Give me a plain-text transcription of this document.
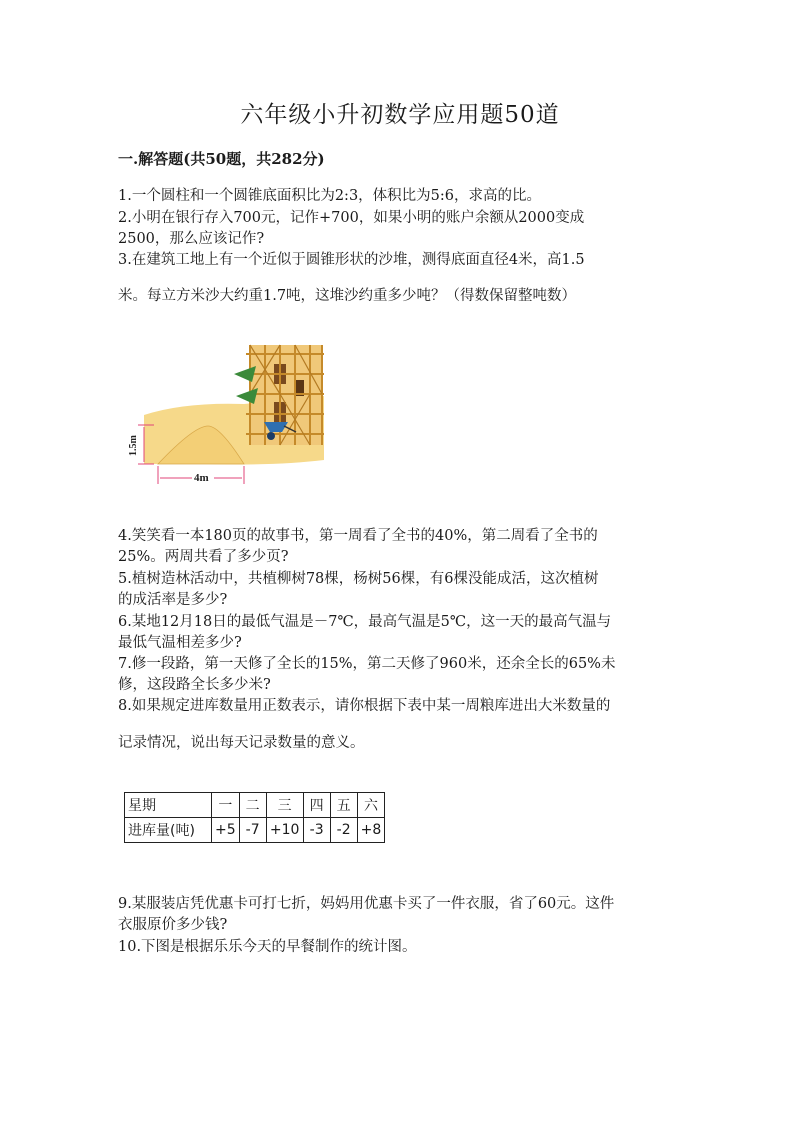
六年级小升初数学应用题50道
一.解答题(共50题，共282分)
1.一个圆柱和一个圆锥底面积比为2:3，体积比为5:6，求高的比。
2.小明在银行存入700元，记作+700，如果小明的账户余额从2000变成
2500，那么应该记作?
3.在建筑工地上有一个近似于圆锥形状的沙堆，测得底面直径4米，高1.5
米。每立方米沙大约重1.7吨，这堆沙约重多少吨？（得数保留整吨数）
1.5m
4m
4.笑笑看一本180页的故事书，第一周看了全书的40%，第二周看了全书的
25%。两周共看了多少页?
5.植树造林活动中，共植柳树78棵，杨树56棵，有6棵没能成活，这次植树
的成活率是多少?
6.某地12月18日的最低气温是－7℃，最高气温是5℃，这一天的最高气温与
最低气温相差多少?
7.修一段路，第一天修了全长的15%，第二天修了960米，还余全长的65%未
修，这段路全长多少米?
8.如果规定进库数量用正数表示，请你根据下表中某一周粮库进出大米数量的
记录情况，说出每天记录数量的意义。
星期	一	二	三	四	五	六
进库量(吨)	+5	-7	+10	-3	-2	+8
9.某服装店凭优惠卡可打七折，妈妈用优惠卡买了一件衣服，省了60元。这件
衣服原价多少钱?
10.下图是根据乐乐今天的早餐制作的统计图。
